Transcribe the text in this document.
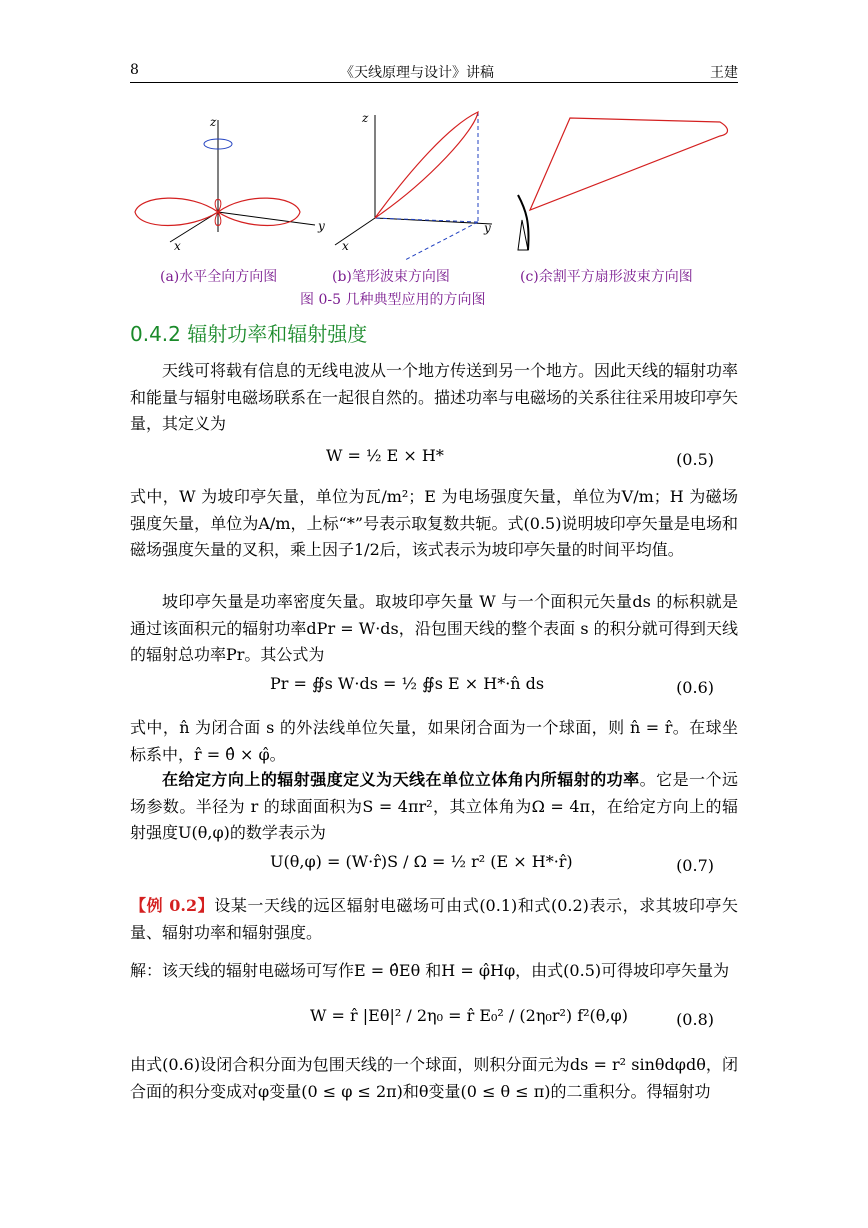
8	《天线原理与设计》讲稿	王建
z
y
x
z
y
x
(a)水平全向方向图	(b)笔形波束方向图	(c)余割平方扇形波束方向图
图 0-5 几种典型应用的方向图
0.4.2 辐射功率和辐射强度
天线可将载有信息的无线电波从一个地方传送到另一个地方。因此天线的辐射功率和能量与辐射电磁场联系在一起很自然的。描述功率与电磁场的关系往往采用坡印亭矢量，其定义为
W = ½ E × H*	(0.5)
式中，W 为坡印亭矢量，单位为瓦/m²；E 为电场强度矢量，单位为V/m；H 为磁场强度矢量，单位为A/m，上标“*”号表示取复数共轭。式(0.5)说明坡印亭矢量是电场和磁场强度矢量的叉积，乘上因子1/2后，该式表示为坡印亭矢量的时间平均值。
坡印亭矢量是功率密度矢量。取坡印亭矢量 W 与一个面积元矢量ds 的标积就是通过该面积元的辐射功率dPr = W·ds，沿包围天线的整个表面 s 的积分就可得到天线的辐射总功率Pr。其公式为
Pr = ∯s W·ds = ½ ∯s E × H*·n̂ ds	(0.6)
式中，n̂ 为闭合面 s 的外法线单位矢量，如果闭合面为一个球面，则 n̂ = r̂。在球坐标系中，r̂ = θ̂ × φ̂。
在给定方向上的辐射强度定义为天线在单位立体角内所辐射的功率。它是一个远场参数。半径为 r 的球面面积为S = 4πr²，其立体角为Ω = 4π，在给定方向上的辐射强度U(θ,φ)的数学表示为
U(θ,φ) = (W·r̂)S / Ω = ½ r² (E × H*·r̂)	(0.7)
【例 0.2】设某一天线的远区辐射电磁场可由式(0.1)和式(0.2)表示，求其坡印亭矢量、辐射功率和辐射强度。
解：该天线的辐射电磁场可写作E = θ̂Eθ 和H = φ̂Hφ，由式(0.5)可得坡印亭矢量为
W = r̂ |Eθ|² / 2η₀ = r̂ E₀² / (2η₀r²) f²(θ,φ)	(0.8)
由式(0.6)设闭合积分面为包围天线的一个球面，则积分面元为ds = r² sinθdφdθ，闭合面的积分变成对φ变量(0 ≤ φ ≤ 2π)和θ变量(0 ≤ θ ≤ π)的二重积分。得辐射功
